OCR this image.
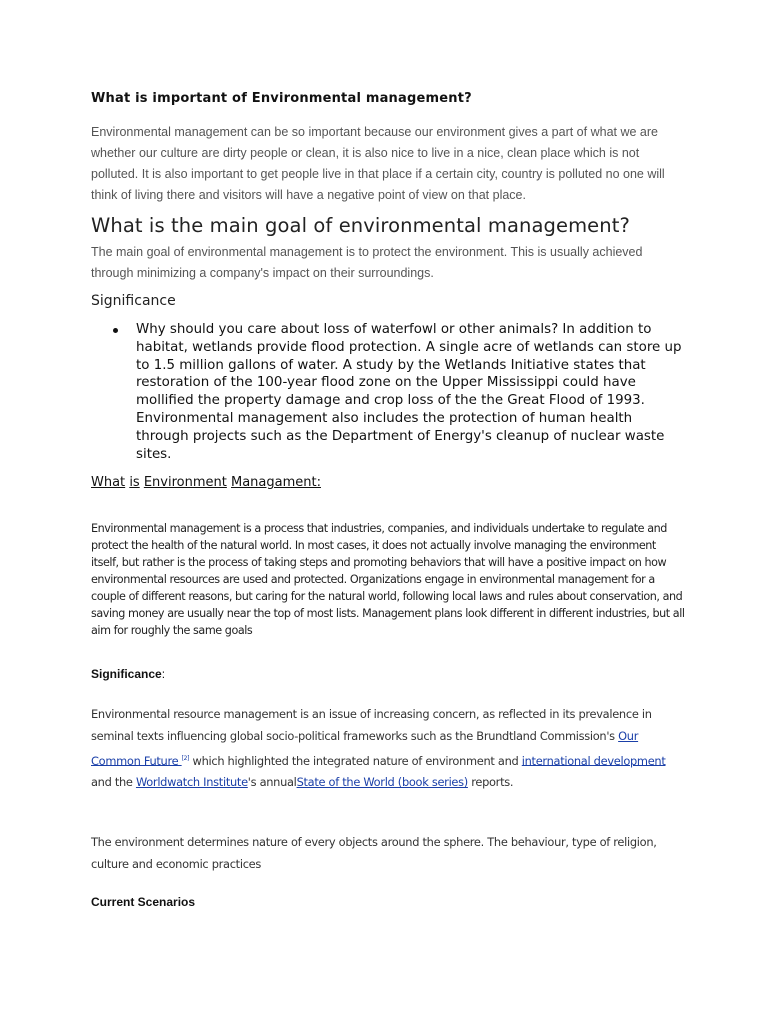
What is important of Environmental management?

Environmental management can be so important because our environment gives a part of what we are whether our culture are dirty people or clean, it is also nice to live in a nice, clean place which is not polluted. It is also important to get people live in that place if a certain city, country is polluted no one will think of living there and visitors will have a negative point of view on that place.

What is the main goal of environmental management?

The main goal of environmental management is to protect the environment. This is usually achieved through minimizing a company's impact on their surroundings.

Significance
Why should you care about loss of waterfowl or other animals? In addition to habitat, wetlands provide flood protection. A single acre of wetlands can store up to 1.5 million gallons of water. A study by the Wetlands Initiative states that restoration of the 100-year flood zone on the Upper Mississippi could have mollified the property damage and crop loss of the the Great Flood of 1993. Environmental management also includes the protection of human health through projects such as the Department of Energy's cleanup of nuclear waste sites.
What is Environment Managament:

Environmental management is a process that industries, companies, and individuals undertake to regulate and protect the health of the natural world. In most cases, it does not actually involve managing the environment itself, but rather is the process of taking steps and promoting behaviors that will have a positive impact on how environmental resources are used and protected. Organizations engage in environmental management for a couple of different reasons, but caring for the natural world, following local laws and rules about conservation, and saving money are usually near the top of most lists. Management plans look different in different industries, but all aim for roughly the same goals

Significance:

Environmental resource management is an issue of increasing concern, as reflected in its prevalence in seminal texts influencing global socio-political frameworks such as the Brundtland Commission's Our Common Future [2] which highlighted the integrated nature of environment and international development and the Worldwatch Institute's annualState of the World (book series) reports.

The environment determines nature of every objects around the sphere. The behaviour, type of religion, culture and economic practices

Current Scenarios
